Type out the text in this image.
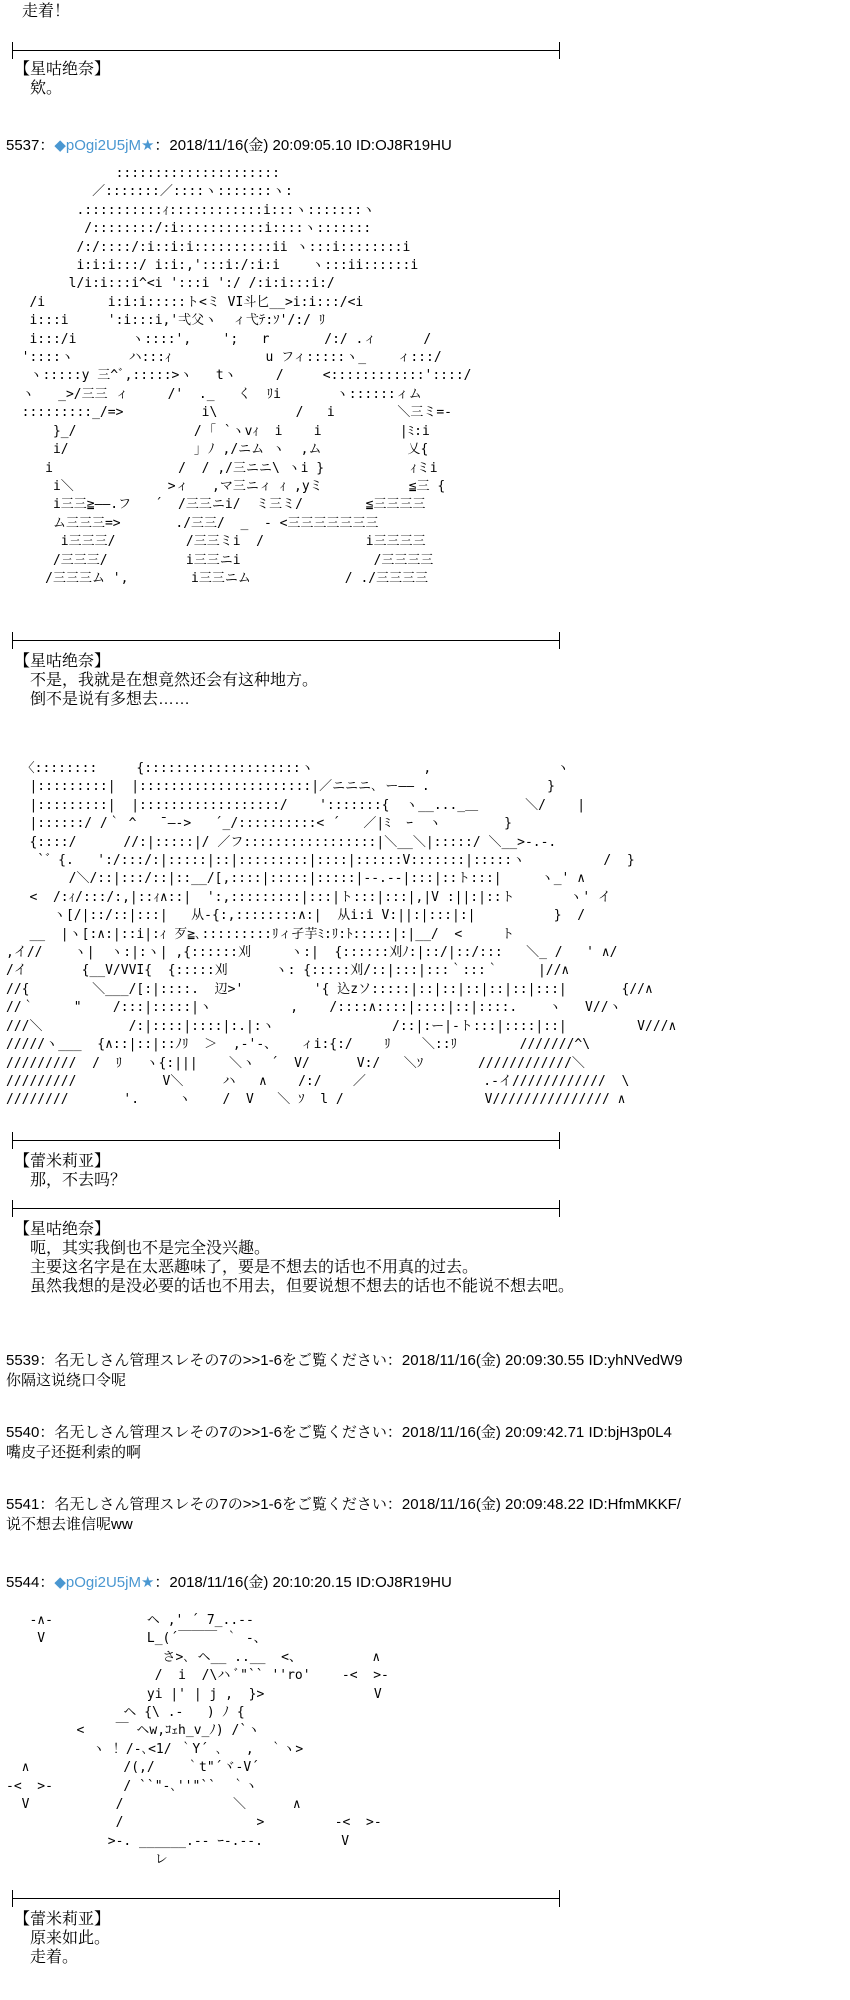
走着！
【星咕绝奈】
　欸。
5537：◆pOgi2U5jM★：2018/11/16(金) 20:09:05.10 ID:OJ8R19HU
:::::::::::::::::::::
／:::::::／::::ヽ:::::::ヽ:
.::::::::::ｨ::::::::::::i:::ヽ:::::::ヽ
/::::::::/:i:::::::::::i::::ヽ:::::::
/:/::::/:i::i:i::::::::::ii ヽ:::i::::::::i
i:i:i:::/ i:i:,':::i:/:i:i    ヽ:::ii::::::i
l/i:i:::i^<i ':::i ':/ /:i:i:::i:/
/i        i:i:i:::::ト<ミ VI斗匕__>i:i:::/<i
i:::i     ':i:::i,'弌父ヽ  ィ弋ﾃ:ｿ'/:/ ﾘ
i:::/i       ヽ::::',    ';   r       /:/ .ィ      /
'::::ヽ       ハ:::ｨ            u フィ:::::ヽ_    ィ:::/
ヽ:::::y 三^ﾞ,:::::>ヽ   tヽ     /     <::::::::::::'::::/
ヽ   _>/三三 ィ     /'  ._   く  ﾘi       ヽ::::::ィム
:::::::::_/=>          i\          /   i        ＼三ミ=-
}_/               / ｢ `ヽvｨ  i    i          |ﾐ:i
i/                ｣ ﾉ ,/ニム ヽ  ,ム           乂{
i                /  / ,/三ニニ\ ヽi }           ｨミi
i＼            >ィ   ,マ三ニィ ｨ ,yミ           ≦三 {
i三三≧――.フ   ´  /三三ニi/  ミ三ミ/        ≦三三三三
ム三三三=>       ./三三/  _  - <三三三三三三三
i三三三/         /三三ミi  /             i三三三三
/三三三/          i三三ニi                 /三三三三
/三三三ム ',        i三三ニム            / ./三三三三
【星咕绝奈】
　不是，我就是在想竟然还会有这种地方。
　倒不是说有多想去……
〈::::::::     {::::::::::::::::::::ヽ              ,                ヽ
|:::::::::|  |::::::::::::::::::::::|／ニニニ､ ー―― .               }
|:::::::::|  |::::::::::::::::::/    ':::::::{  ヽ__..._＿      ＼/    |
|::::::/ /｀ ^   ̄ ―->   ´_/::::::::::< ´   ／|ﾐ  ｰ  ヽ        }
{::::/      //:|:::::|/ ／フ:::::::::::::::::|＼__＼|:::::/ ＼__>-.-.
`゛{.   ':/:::/:|:::::|::|:::::::::|::::|::::::V:::::::|:::::ヽ          /  }
/＼/::|:::/::|::__/[,::::|:::::|:::::|--.--|:::|::ト:::|     ヽ_' ∧
<  /:ｨ/:::/:,|::ｨ∧::|  ':,:::::::::|:::|ト:::|:::|,|V :||:|::ト       ヽ' イ
ヽ[/|::/::|:::|   从-{:,::::::::∧:|  从i:i V:||:|:::|:|          }  /
__  |ヽ[:∧:|::i|:ｨ 歹≧､:::::::::ﾘィ孑芋ﾐ:ﾘ:ﾄ:::::|:|__/  <     ト
,イ//    ヽ|  ヽ:|:ヽ| ,{::::::刈     ヽ:|  {::::::刈ﾉ:|::/|::/:::   ＼_ /   ' ∧/
/イ       {__V/VVI{  {:::::刈      ヽ: {:::::刈/::|:::|:::｀:::｀     |//∧
//{        ＼___/[:|::::.  辺>'         '{ 込zソ:::::|::|::|::|::|::|:::|       {//∧
//｀     "    /:::|:::::|ヽ          ,    /::::∧::::|::::|::|::::.    ヽ   V//ヽ
///＼           /:|::::|::::|:.|:ヽ               /::|:ー|-ト:::|::::|::|         V///∧
/////ヽ___  {∧::|::|::ﾉﾘ  ＞  ,-'-、   ィi:{:/    ﾘ    ＼::ﾘ        ///////^\
/////////  /  ﾘ   ヽ{:|||    ＼ヽ  ´  V/      V:/   ＼ｿ       ////////////＼
/////////           V＼     ハ   ∧    /:/    ／               .-イ////////////  \
////////       '.     ヽ    /  V   ＼ ｿ  l /                  V/////////////// ∧
【蕾米莉亚】
　那，不去吗？
【星咕绝奈】
　呃，其实我倒也不是完全没兴趣。
　主要这名字是在太恶趣味了，要是不想去的话也不用真的过去。
　虽然我想的是没必要的话也不用去，但要说想不想去的话也不能说不想去吧。
5539：名无しさん管理スレその7の>>1-6をご覧ください：2018/11/16(金) 20:09:30.55 ID:yhNVedW9
你隔这说绕口令呢
5540：名无しさん管理スレその7の>>1-6をご覧ください：2018/11/16(金) 20:09:42.71 ID:bjH3p0L4
嘴皮子还挺利索的啊
5541：名无しさん管理スレその7の>>1-6をご覧ください：2018/11/16(金) 20:09:48.22 ID:HfmMKKF/
说不想去谁信呢ww
5544：◆pOgi2U5jM★：2018/11/16(金) 20:10:20.15 ID:OJ8R19HU
-∧-            ヘ ,' ´ 7_..--
V             L_(´￣￣￣ ｀ -、
さ>､ ヘ__ ..__  <、         ∧
/  i  /\ハ ﾞ"`` ''ro'    -<  >-
yi |' | j ,  }>              V
ヘ {\ .-   ) ﾉ {
<    ￣ ヘw,ｺｪh_v_ﾉ) /`ヽ
ヽ ！/-､<1/ ｀Y´ ､   ,  ｀ヽ>
∧            /(,/    ｀t"´ヾ-V´
-<  >-         / ``"-､''"``  ｀ヽ
V           /              ＼      ∧
/                 >         -<  >-
>-. ______.-- ｰ-.--.          V
レ
【蕾米莉亚】
　原来如此。
　走着。
